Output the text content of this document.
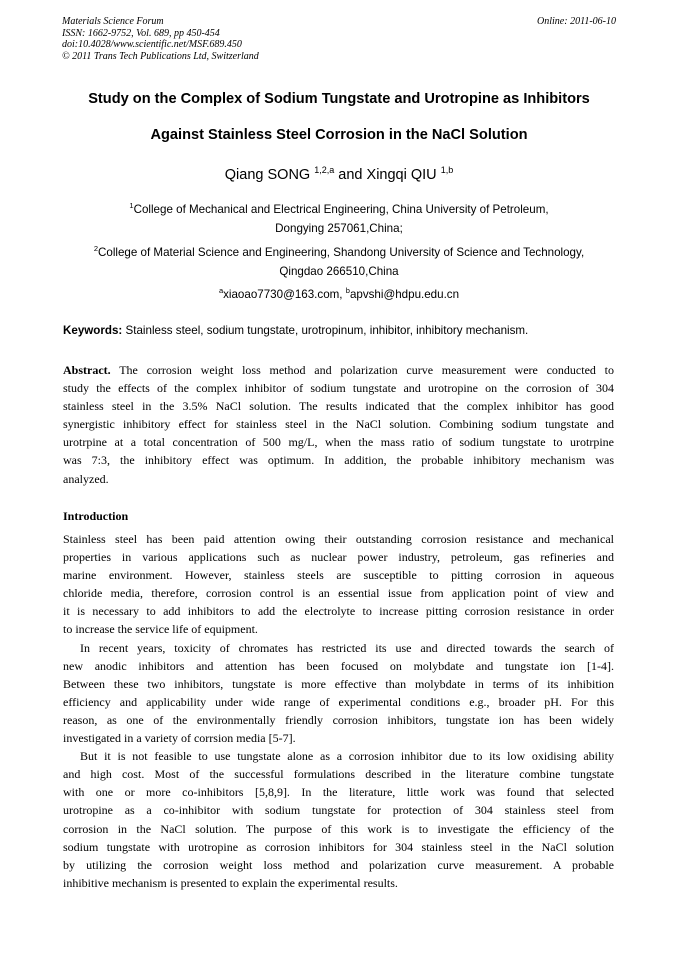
Materials Science Forum
ISSN: 1662-9752, Vol. 689, pp 450-454
doi:10.4028/www.scientific.net/MSF.689.450
© 2011 Trans Tech Publications Ltd, Switzerland
Online: 2011-06-10
Study on the Complex of Sodium Tungstate and Urotropine as Inhibitors
Against Stainless Steel Corrosion in the NaCl Solution
Qiang SONG $^{1,2,a}$ and Xingqi QIU $^{1,b}$
$^1$College of Mechanical and Electrical Engineering, China University of Petroleum,
Dongying 257061,China;
$^2$College of Material Science and Engineering, Shandong University of Science and Technology,
Qingdao 266510,China
$^a$xiaoao7730@163.com, $^b$apvshi@hdpu.edu.cn
Keywords: Stainless steel, sodium tungstate, urotropinum, inhibitor, inhibitory mechanism.
Abstract. The corrosion weight loss method and polarization curve measurement were conducted to
study the effects of the complex inhibitor of sodium tungstate and urotropine on the corrosion of 304
stainless steel in the 3.5% NaCl solution. The results indicated that the complex inhibitor has good
synergistic inhibitory effect for stainless steel in the NaCl solution. Combining sodium tungstate and
urotrpine at a total concentration of 500 mg/L, when the mass ratio of sodium tungstate to urotrpine
was 7:3, the inhibitory effect was optimum. In addition, the probable inhibitory mechanism was
analyzed.
Introduction
Stainless steel has been paid attention owing their outstanding corrosion resistance and mechanical
properties in various applications such as nuclear power industry, petroleum, gas refineries and
marine environment. However, stainless steels are susceptible to pitting corrosion in aqueous
chloride media, therefore, corrosion control is an essential issue from application point of view and
it is necessary to add inhibitors to add the electrolyte to increase pitting corrosion resistance in order
to increase the service life of equipment.
In recent years, toxicity of chromates has restricted its use and directed towards the search of
new anodic inhibitors and attention has been focused on molybdate and tungstate ion [1-4].
Between these two inhibitors, tungstate is more effective than molybdate in terms of its inhibition
efficiency and applicability under wide range of experimental conditions e.g., broader pH. For this
reason, as one of the environmentally friendly corrosion inhibitors, tungstate ion has been widely
investigated in a variety of corrsion media [5-7].
But it is not feasible to use tungstate alone as a corrosion inhibitor due to its low oxidising ability
and high cost. Most of the successful formulations described in the literature combine tungstate
with one or more co-inhibitors [5,8,9]. In the literature, little work was found that selected
urotropine as a co-inhibitor with sodium tungstate for protection of 304 stainless steel from
corrosion in the NaCl solution. The purpose of this work is to investigate the efficiency of the
sodium tungstate with urotropine as corrosion inhibitors for 304 stainless steel in the NaCl solution
by utilizing the corrosion weight loss method and polarization curve measurement. A probable
inhibitive mechanism is presented to explain the experimental results.
